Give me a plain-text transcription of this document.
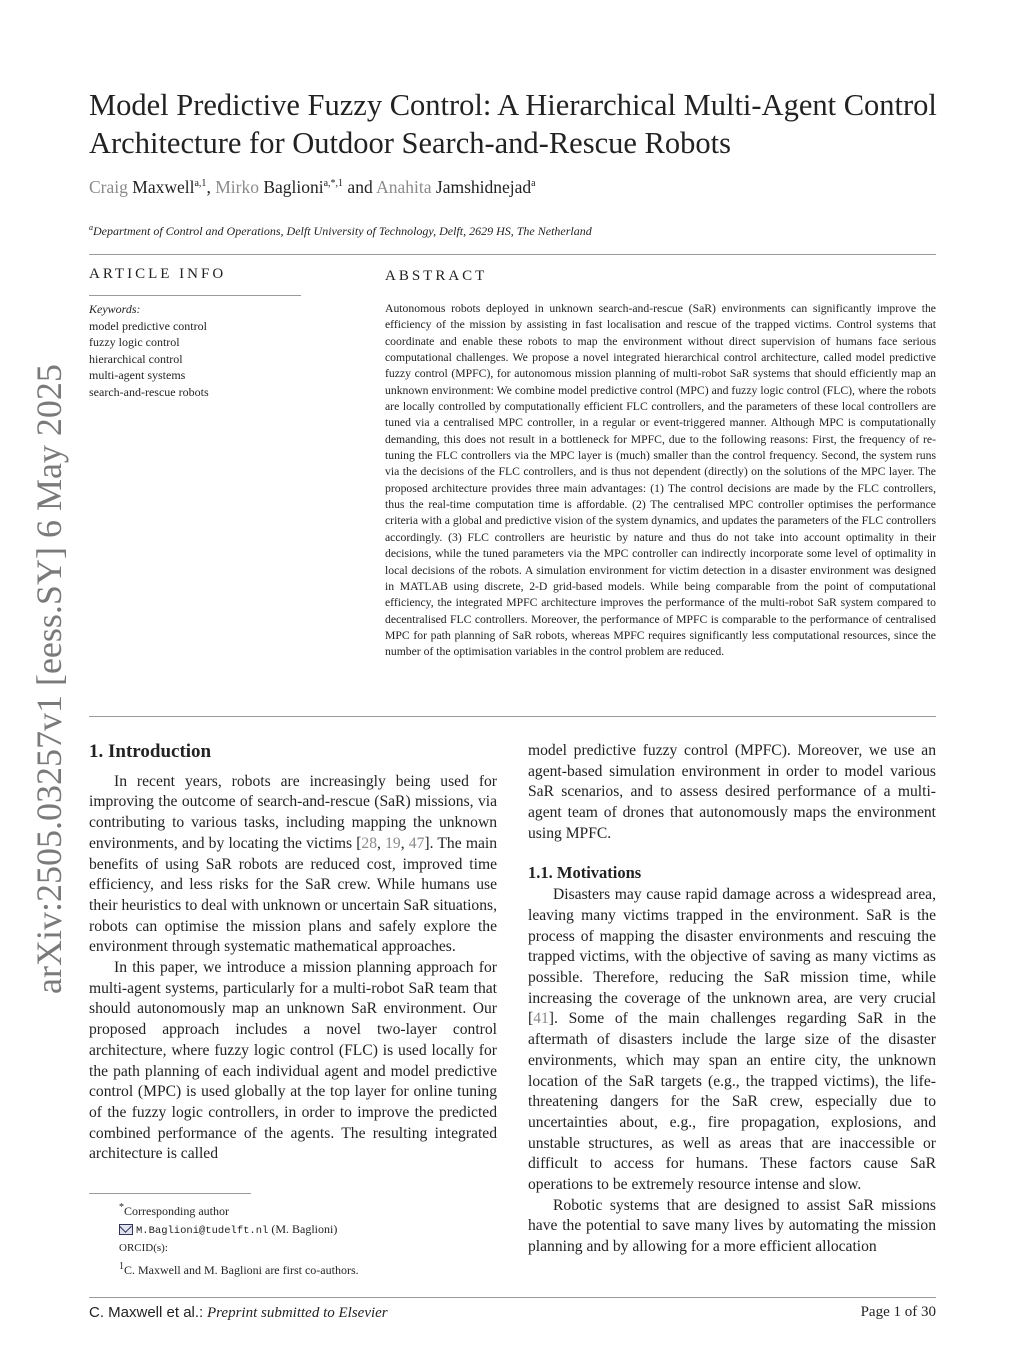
arXiv:2505.03257v1 [eess.SY] 6 May 2025
Model Predictive Fuzzy Control: A Hierarchical Multi-Agent Control Architecture for Outdoor Search-and-Rescue Robots
Craig Maxwell$^{a,1}$, Mirko Baglioni$^{a,*,1}$ and Anahita Jamshidnejad$^a$
$^a$Department of Control and Operations, Delft University of Technology, Delft, 2629 HS, The Netherland
ARTICLE INFO	ABSTRACT
Keywords:
model predictive control
fuzzy logic control
hierarchical control
multi-agent systems
search-and-rescue robots
Autonomous robots deployed in unknown search-and-rescue (SaR) environments can significantly improve the efficiency of the mission by assisting in fast localisation and rescue of the trapped victims. Control systems that coordinate and enable these robots to map the environment without direct supervision of humans face serious computational challenges. We propose a novel integrated hierarchical control architecture, called model predictive fuzzy control (MPFC), for autonomous mission planning of multi-robot SaR systems that should efficiently map an unknown environment: We combine model predictive control (MPC) and fuzzy logic control (FLC), where the robots are locally controlled by computationally efficient FLC controllers, and the parameters of these local controllers are tuned via a centralised MPC controller, in a regular or event-triggered manner. Although MPC is computationally demanding, this does not result in a bottleneck for MPFC, due to the following reasons: First, the frequency of re-tuning the FLC controllers via the MPC layer is (much) smaller than the control frequency. Second, the system runs via the decisions of the FLC controllers, and is thus not dependent (directly) on the solutions of the MPC layer. The proposed architecture provides three main advantages: (1) The control decisions are made by the FLC controllers, thus the real-time computation time is affordable. (2) The centralised MPC controller optimises the performance criteria with a global and predictive vision of the system dynamics, and updates the parameters of the FLC controllers accordingly. (3) FLC controllers are heuristic by nature and thus do not take into account optimality in their decisions, while the tuned parameters via the MPC controller can indirectly incorporate some level of optimality in local decisions of the robots. A simulation environment for victim detection in a disaster environment was designed in MATLAB using discrete, 2-D grid-based models. While being comparable from the point of computational efficiency, the integrated MPFC architecture improves the performance of the multi-robot SaR system compared to decentralised FLC controllers. Moreover, the performance of MPFC is comparable to the performance of centralised MPC for path planning of SaR robots, whereas MPFC requires significantly less computational resources, since the number of the optimisation variables in the control problem are reduced.
1. Introduction

In recent years, robots are increasingly being used for improving the outcome of search-and-rescue (SaR) missions, via contributing to various tasks, including mapping the unknown environments, and by locating the victims [28, 19, 47]. The main benefits of using SaR robots are reduced cost, improved time efficiency, and less risks for the SaR crew. While humans use their heuristics to deal with unknown or uncertain SaR situations, robots can optimise the mission plans and safely explore the environment through systematic mathematical approaches.

In this paper, we introduce a mission planning approach for multi-agent systems, particularly for a multi-robot SaR team that should autonomously map an unknown SaR environment. Our proposed approach includes a novel two-layer control architecture, where fuzzy logic control (FLC) is used locally for the path planning of each individual agent and model predictive control (MPC) is used globally at the top layer for online tuning of the fuzzy logic controllers, in order to improve the predicted combined performance of the agents. The resulting integrated architecture is called

*Corresponding author
M.Baglioni@tudelft.nl (M. Baglioni)
ORCID(s):
$^1$C. Maxwell and M. Baglioni are first co-authors.

model predictive fuzzy control (MPFC). Moreover, we use an agent-based simulation environment in order to model various SaR scenarios, and to assess desired performance of a multi-agent team of drones that autonomously maps the environment using MPFC.

1.1. Motivations

Disasters may cause rapid damage across a widespread area, leaving many victims trapped in the environment. SaR is the process of mapping the disaster environments and rescuing the trapped victims, with the objective of saving as many victims as possible. Therefore, reducing the SaR mission time, while increasing the coverage of the unknown area, are very crucial [41]. Some of the main challenges regarding SaR in the aftermath of disasters include the large size of the disaster environments, which may span an entire city, the unknown location of the SaR targets (e.g., the trapped victims), the life-threatening dangers for the SaR crew, especially due to uncertainties about, e.g., fire propagation, explosions, and unstable structures, as well as areas that are inaccessible or difficult to access for humans. These factors cause SaR operations to be extremely resource intense and slow.

Robotic systems that are designed to assist SaR missions have the potential to save many lives by automating the mission planning and by allowing for a more efficient allocation

C. Maxwell et al.: Preprint submitted to Elsevier	Page 1 of 30
